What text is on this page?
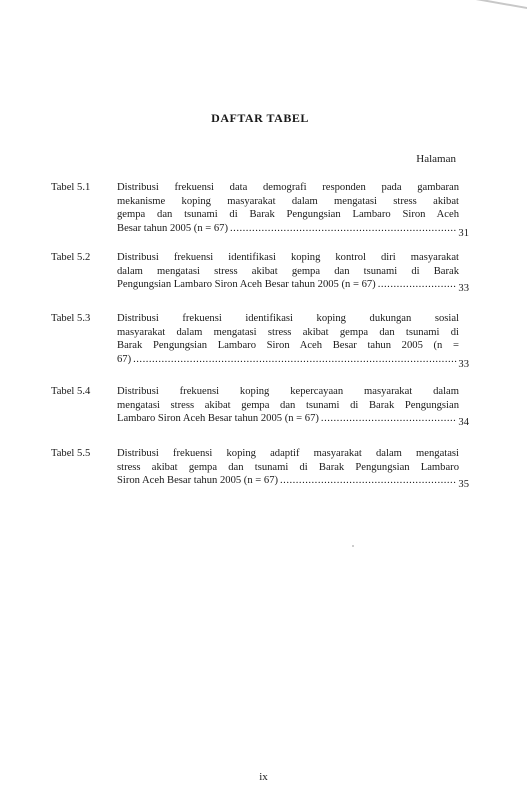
DAFTAR TABEL
Halaman
Tabel 5.1	Distribusi frekuensi data demografi responden pada gambaran
mekanisme koping masyarakat dalam mengatasi stress akibat
gempa dan tsunami di Barak Pengungsian Lambaro Siron Aceh
Besar tahun 2005 (n = 67) .....	31
Tabel 5.2	Distribusi frekuensi identifikasi koping kontrol diri masyarakat
dalam mengatasi stress akibat gempa dan tsunami di Barak
Pengungsian Lambaro Siron Aceh Besar tahun 2005 (n = 67) .....	33
Tabel 5.3	Distribusi frekuensi identifikasi koping dukungan sosial
masyarakat dalam mengatasi stress akibat gempa dan tsunami di
Barak Pengungsian Lambaro Siron Aceh Besar tahun 2005 (n =
67) .....	33
Tabel 5.4	Distribusi frekuensi koping kepercayaan masyarakat dalam
mengatasi stress akibat gempa dan tsunami di Barak Pengungsian
Lambaro Siron Aceh Besar tahun 2005 (n = 67) .....	34
Tabel 5.5	Distribusi frekuensi koping adaptif masyarakat dalam mengatasi
stress akibat gempa dan tsunami di Barak Pengungsian Lambaro
Siron Aceh Besar tahun 2005 (n = 67) .....	35
ix
